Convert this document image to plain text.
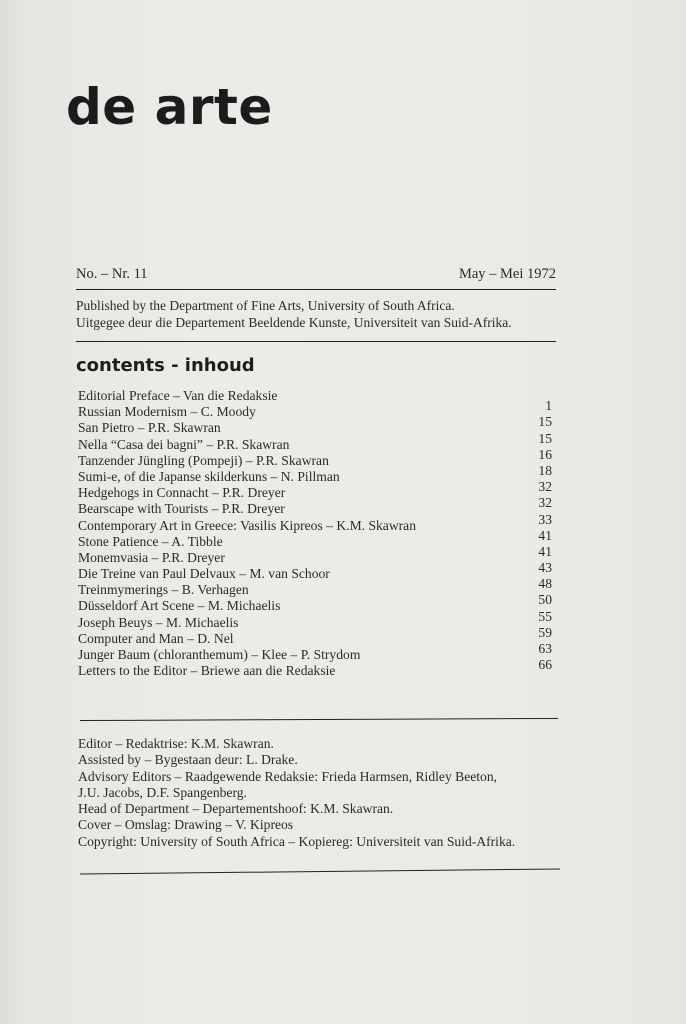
de arte
No. – Nr. 11	May – Mei 1972
Published by the Department of Fine Arts, University of South Africa.
Uitgegee deur die Departement Beeldende Kunste, Universiteit van Suid-Afrika.
contents - inhoud
Editorial Preface – Van die Redaksie
Russian Modernism – C. Moody	1
San Pietro – P.R. Skawran	15
Nella “Casa dei bagni” – P.R. Skawran	15
Tanzender Jüngling (Pompeji) – P.R. Skawran	16
Sumi-e, of die Japanse skilderkuns – N. Pillman	18
Hedgehogs in Connacht – P.R. Dreyer	32
Bearscape with Tourists – P.R. Dreyer	32
Contemporary Art in Greece: Vasilis Kipreos – K.M. Skawran	33
Stone Patience – A. Tibble	41
Monemvasia – P.R. Dreyer	41
Die Treine van Paul Delvaux – M. van Schoor	43
Treinmymerings – B. Verhagen	48
Düsseldorf Art Scene – M. Michaelis	50
Joseph Beuys – M. Michaelis	55
Computer and Man – D. Nel	59
Junger Baum (chloranthemum) – Klee – P. Strydom	63
Letters to the Editor – Briewe aan die Redaksie	66
Editor – Redaktrise: K.M. Skawran.
Assisted by – Bygestaan deur: L. Drake.
Advisory Editors – Raadgewende Redaksie: Frieda Harmsen, Ridley Beeton,
J.U. Jacobs, D.F. Spangenberg.
Head of Department – Departementshoof: K.M. Skawran.
Cover – Omslag: Drawing – V. Kipreos
Copyright: University of South Africa – Kopiereg: Universiteit van Suid-Afrika.
